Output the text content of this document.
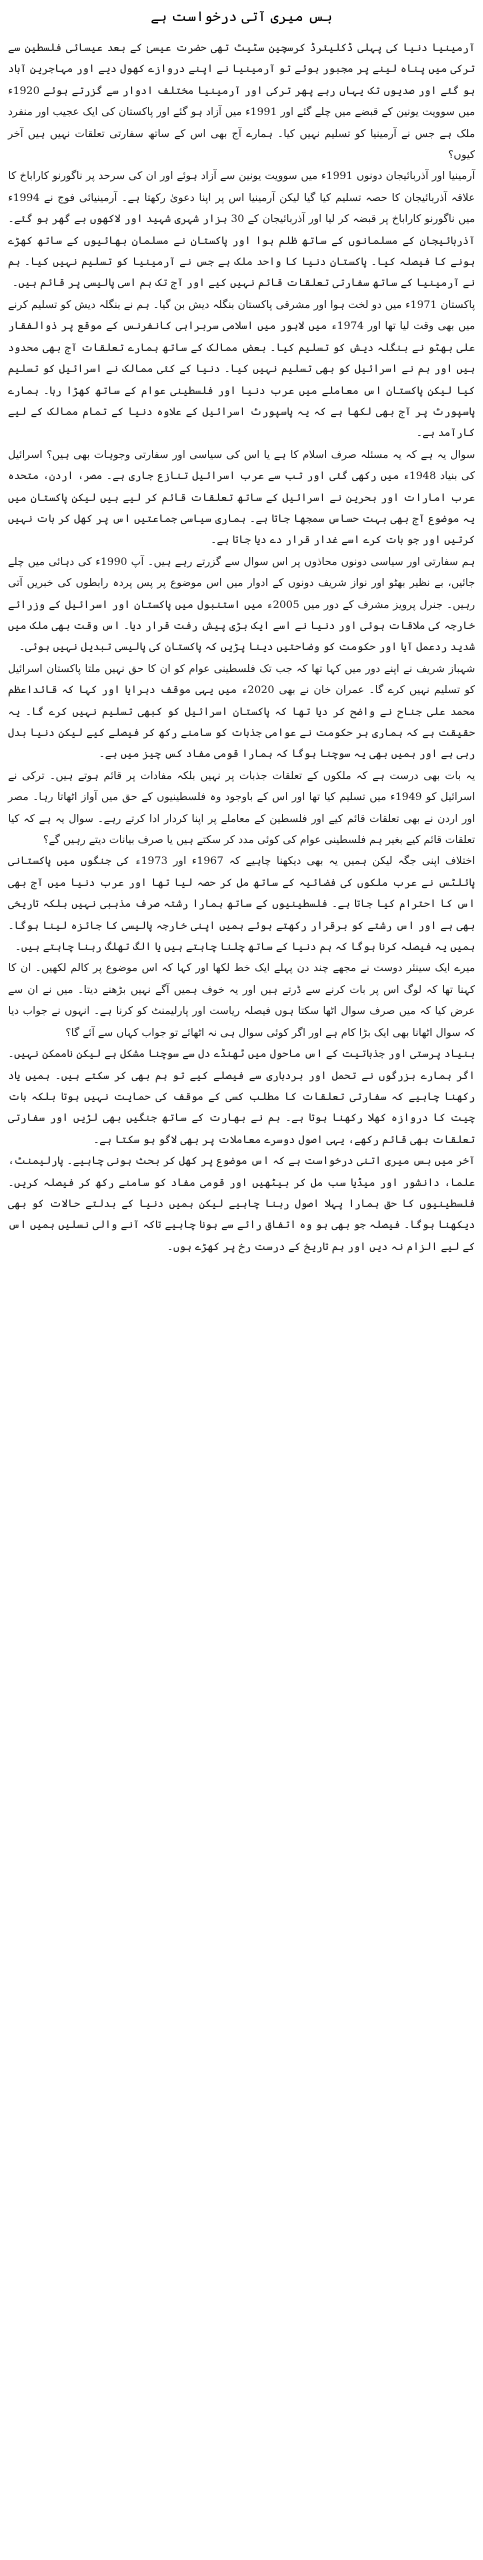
بس میری آتی درخواست ہے

آرمینیا دنیا کی پہلی ڈکلیئرڈ کرسچین سٹیٹ تھی حضرت عیسیٰ کے بعد عیسائی فلسطین سے ترکی میں پناہ لینے پر مجبور ہوئے تو آرمینیا نے اپنے دروازے کھول دیے اور مہاجرین آباد ہو گئے اور صدیوں تک یہاں رہے پھر ترکی اور آرمینیا مختلف ادوار سے گزرتے ہوئے 1920ء میں سوویت یونین کے قبضے میں چلے گئے اور 1991ء میں آزاد ہو گئے اور پاکستان کی ایک عجیب اور منفرد ملک ہے جس نے آرمینیا کو تسلیم نہیں کیا۔ ہمارے آج بھی اس کے ساتھ سفارتی تعلقات نہیں ہیں آخر کیوں؟

آرمینیا اور آذربائیجان دونوں 1991ء میں سوویت یونین سے آزاد ہوئے اور ان کی سرحد پر ناگورنو کاراباخ کا علاقہ آذربائیجان کا حصہ تسلیم کیا گیا لیکن آرمینیا اس پر اپنا دعویٰ رکھتا ہے۔ آرمینیائی فوج نے 1994ء میں ناگورنو کاراباخ پر قبضہ کر لیا اور آذربائیجان کے 30 ہزار شہری شہید اور لاکھوں بے گھر ہو گئے۔ آذربائیجان کے مسلمانوں کے ساتھ ظلم ہوا اور پاکستان نے مسلمان بھائیوں کے ساتھ کھڑے ہونے کا فیصلہ کیا۔ پاکستان دنیا کا واحد ملک ہے جس نے آرمینیا کو تسلیم نہیں کیا۔ ہم نے آرمینیا کے ساتھ سفارتی تعلقات قائم نہیں کیے اور آج تک ہم اسی پالیسی پر قائم ہیں۔

پاکستان 1971ء میں دو لخت ہوا اور مشرقی پاکستان بنگلہ دیش بن گیا۔ ہم نے بنگلہ دیش کو تسلیم کرنے میں بھی وقت لیا تھا اور 1974ء میں لاہور میں اسلامی سربراہی کانفرنس کے موقع پر ذوالفقار علی بھٹو نے بنگلہ دیش کو تسلیم کیا۔ بعض ممالک کے ساتھ ہمارے تعلقات آج بھی محدود ہیں اور ہم نے اسرائیل کو بھی تسلیم نہیں کیا۔ دنیا کے کئی ممالک نے اسرائیل کو تسلیم کیا لیکن پاکستان اس معاملے میں عرب دنیا اور فلسطینی عوام کے ساتھ کھڑا رہا۔ ہمارے پاسپورٹ پر آج بھی لکھا ہے کہ یہ پاسپورٹ اسرائیل کے علاوہ دنیا کے تمام ممالک کے لیے کارآمد ہے۔

سوال یہ ہے کہ یہ مسئلہ صرف اسلام کا ہے یا اس کی سیاسی اور سفارتی وجوہات بھی ہیں؟ اسرائیل کی بنیاد 1948ء میں رکھی گئی اور تب سے عرب اسرائیل تنازع جاری ہے۔ مصر، اردن، متحدہ عرب امارات اور بحرین نے اسرائیل کے ساتھ تعلقات قائم کر لیے ہیں لیکن پاکستان میں یہ موضوع آج بھی بہت حساس سمجھا جاتا ہے۔ ہماری سیاسی جماعتیں اس پر کھل کر بات نہیں کرتیں اور جو بات کرے اسے غدار قرار دے دیا جاتا ہے۔

ہم سفارتی اور سیاسی دونوں محاذوں پر اس سوال سے گزرتے رہے ہیں۔ آپ 1990ء کی دہائی میں چلے جائیں، بے نظیر بھٹو اور نواز شریف دونوں کے ادوار میں اس موضوع پر پس پردہ رابطوں کی خبریں آتی رہیں۔ جنرل پرویز مشرف کے دور میں 2005ء میں استنبول میں پاکستان اور اسرائیل کے وزرائے خارجہ کی ملاقات ہوئی اور دنیا نے اسے ایک بڑی پیش رفت قرار دیا۔ اس وقت بھی ملک میں شدید ردعمل آیا اور حکومت کو وضاحتیں دینا پڑیں کہ پاکستان کی پالیسی تبدیل نہیں ہوئی۔

شہباز شریف نے اپنے دور میں کہا تھا کہ جب تک فلسطینی عوام کو ان کا حق نہیں ملتا پاکستان اسرائیل کو تسلیم نہیں کرے گا۔ عمران خان نے بھی 2020ء میں یہی موقف دہرایا اور کہا کہ قائداعظم محمد علی جناح نے واضح کر دیا تھا کہ پاکستان اسرائیل کو کبھی تسلیم نہیں کرے گا۔ یہ حقیقت ہے کہ ہماری ہر حکومت نے عوامی جذبات کو سامنے رکھ کر فیصلے کیے لیکن دنیا بدل رہی ہے اور ہمیں بھی یہ سوچنا ہوگا کہ ہمارا قومی مفاد کس چیز میں ہے۔

یہ بات بھی درست ہے کہ ملکوں کے تعلقات جذبات پر نہیں بلکہ مفادات پر قائم ہوتے ہیں۔ ترکی نے اسرائیل کو 1949ء میں تسلیم کیا تھا اور اس کے باوجود وہ فلسطینیوں کے حق میں آواز اٹھاتا رہا۔ مصر اور اردن نے بھی تعلقات قائم کیے اور فلسطین کے معاملے پر اپنا کردار ادا کرتے رہے۔ سوال یہ ہے کہ کیا تعلقات قائم کیے بغیر ہم فلسطینی عوام کی کوئی مدد کر سکتے ہیں یا صرف بیانات دیتے رہیں گے؟

اختلاف اپنی جگہ لیکن ہمیں یہ بھی دیکھنا چاہیے کہ 1967ء اور 1973ء کی جنگوں میں پاکستانی پائلٹس نے عرب ملکوں کی فضائیہ کے ساتھ مل کر حصہ لیا تھا اور عرب دنیا میں آج بھی اس کا احترام کیا جاتا ہے۔ فلسطینیوں کے ساتھ ہمارا رشتہ صرف مذہبی نہیں بلکہ تاریخی بھی ہے اور اس رشتے کو برقرار رکھتے ہوئے ہمیں اپنی خارجہ پالیسی کا جائزہ لینا ہوگا۔ ہمیں یہ فیصلہ کرنا ہوگا کہ ہم دنیا کے ساتھ چلنا چاہتے ہیں یا الگ تھلگ رہنا چاہتے ہیں۔

میرے ایک سینئر دوست نے مجھے چند دن پہلے ایک خط لکھا اور کہا کہ اس موضوع پر کالم لکھیں۔ ان کا کہنا تھا کہ لوگ اس پر بات کرنے سے ڈرتے ہیں اور یہ خوف ہمیں آگے نہیں بڑھنے دیتا۔ میں نے ان سے عرض کیا کہ میں صرف سوال اٹھا سکتا ہوں فیصلہ ریاست اور پارلیمنٹ کو کرنا ہے۔ انہوں نے جواب دیا کہ سوال اٹھانا بھی ایک بڑا کام ہے اور اگر کوئی سوال ہی نہ اٹھائے تو جواب کہاں سے آئے گا؟

بنیاد پرستی اور جذباتیت کے اس ماحول میں ٹھنڈے دل سے سوچنا مشکل ہے لیکن ناممکن نہیں۔ اگر ہمارے بزرگوں نے تحمل اور بردباری سے فیصلے کیے تو ہم بھی کر سکتے ہیں۔ ہمیں یاد رکھنا چاہیے کہ سفارتی تعلقات کا مطلب کسی کے موقف کی حمایت نہیں ہوتا بلکہ بات چیت کا دروازہ کھلا رکھنا ہوتا ہے۔ ہم نے بھارت کے ساتھ جنگیں بھی لڑیں اور سفارتی تعلقات بھی قائم رکھے، یہی اصول دوسرے معاملات پر بھی لاگو ہو سکتا ہے۔

آخر میں بس میری اتنی درخواست ہے کہ اس موضوع پر کھل کر بحث ہونی چاہیے۔ پارلیمنٹ، علما، دانشور اور میڈیا سب مل کر بیٹھیں اور قومی مفاد کو سامنے رکھ کر فیصلہ کریں۔ فلسطینیوں کا حق ہمارا پہلا اصول رہنا چاہیے لیکن ہمیں دنیا کے بدلتے حالات کو بھی دیکھنا ہوگا۔ فیصلہ جو بھی ہو وہ اتفاق رائے سے ہونا چاہیے تاکہ آنے والی نسلیں ہمیں اس کے لیے الزام نہ دیں اور ہم تاریخ کے درست رخ پر کھڑے ہوں۔
